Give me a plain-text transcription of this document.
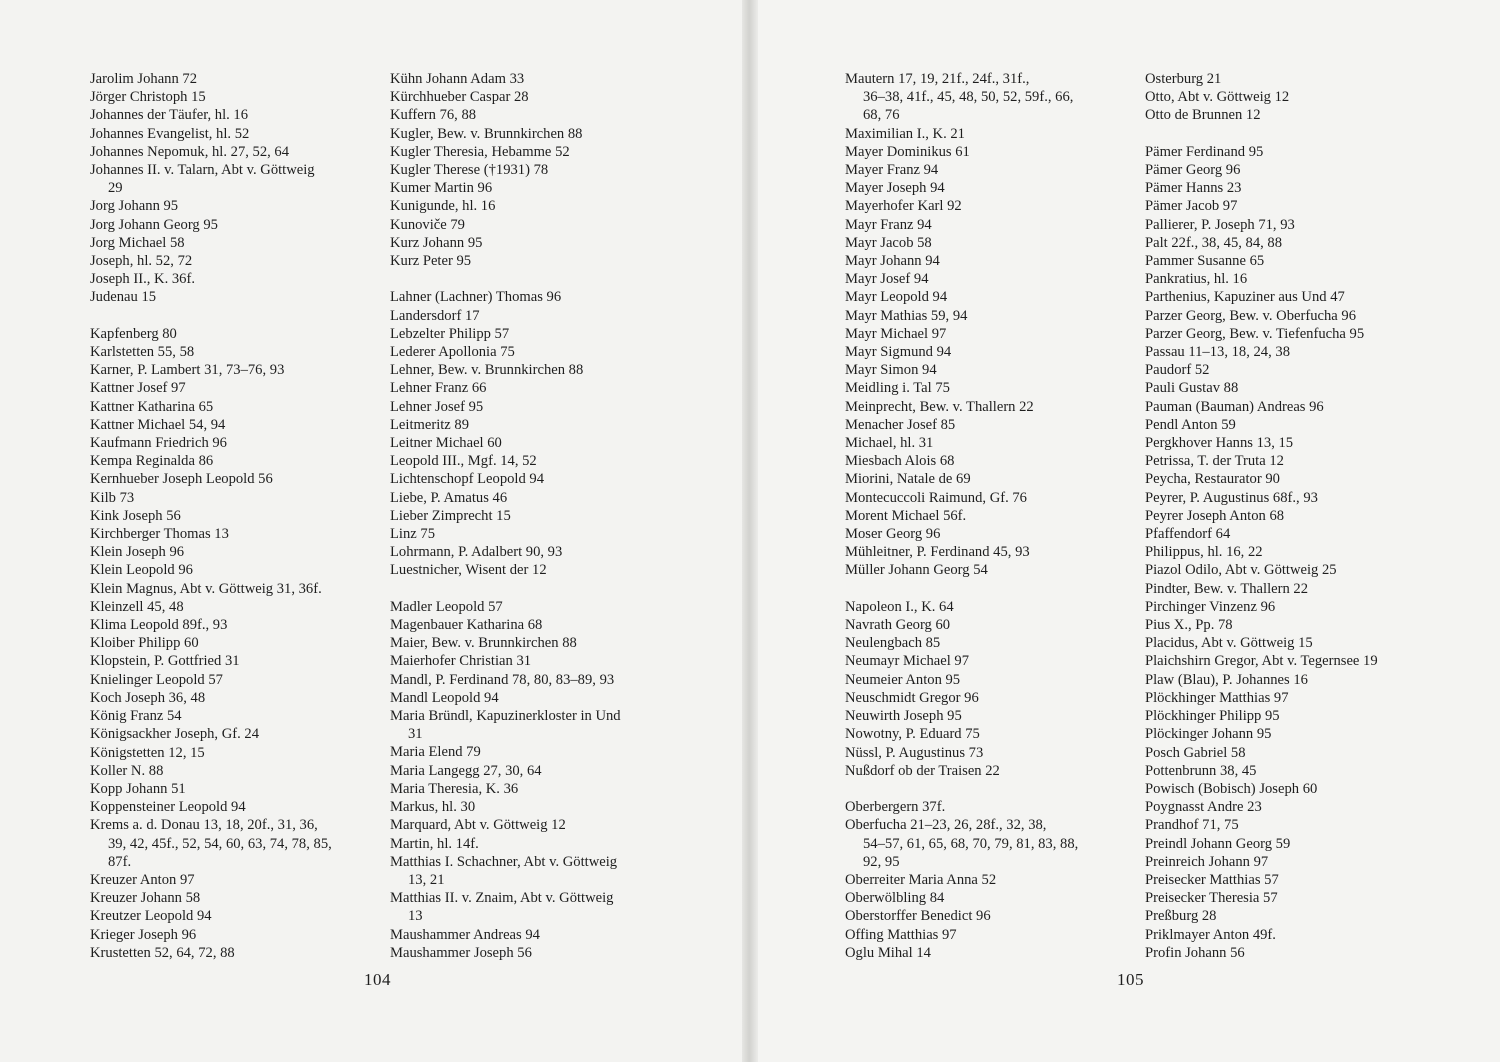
Jarolim Johann 72
Jörger Christoph 15
Johannes der Täufer, hl. 16
Johannes Evangelist, hl. 52
Johannes Nepomuk, hl. 27, 52, 64
Johannes II. v. Talarn, Abt v. Göttweig
29
Jorg Johann 95
Jorg Johann Georg 95
Jorg Michael 58
Joseph, hl. 52, 72
Joseph II., K. 36f.
Judenau 15
Kapfenberg 80
Karlstetten 55, 58
Karner, P. Lambert 31, 73–76, 93
Kattner Josef 97
Kattner Katharina 65
Kattner Michael 54, 94
Kaufmann Friedrich 96
Kempa Reginalda 86
Kernhueber Joseph Leopold 56
Kilb 73
Kink Joseph 56
Kirchberger Thomas 13
Klein Joseph 96
Klein Leopold 96
Klein Magnus, Abt v. Göttweig 31, 36f.
Kleinzell 45, 48
Klima Leopold 89f., 93
Kloiber Philipp 60
Klopstein, P. Gottfried 31
Knielinger Leopold 57
Koch Joseph 36, 48
König Franz 54
Königsackher Joseph, Gf. 24
Königstetten 12, 15
Koller N. 88
Kopp Johann 51
Koppensteiner Leopold 94
Krems a. d. Donau 13, 18, 20f., 31, 36,
39, 42, 45f., 52, 54, 60, 63, 74, 78, 85,
87f.
Kreuzer Anton 97
Kreuzer Johann 58
Kreutzer Leopold 94
Krieger Joseph 96
Krustetten 52, 64, 72, 88
Kühn Johann Adam 33
Kürchhueber Caspar 28
Kuffern 76, 88
Kugler, Bew. v. Brunnkirchen 88
Kugler Theresia, Hebamme 52
Kugler Therese (†1931) 78
Kumer Martin 96
Kunigunde, hl. 16
Kunoviče 79
Kurz Johann 95
Kurz Peter 95
Lahner (Lachner) Thomas 96
Landersdorf 17
Lebzelter Philipp 57
Lederer Apollonia 75
Lehner, Bew. v. Brunnkirchen 88
Lehner Franz 66
Lehner Josef 95
Leitmeritz 89
Leitner Michael 60
Leopold III., Mgf. 14, 52
Lichtenschopf Leopold 94
Liebe, P. Amatus 46
Lieber Zimprecht 15
Linz 75
Lohrmann, P. Adalbert 90, 93
Luestnicher, Wisent der 12
Madler Leopold 57
Magenbauer Katharina 68
Maier, Bew. v. Brunnkirchen 88
Maierhofer Christian 31
Mandl, P. Ferdinand 78, 80, 83–89, 93
Mandl Leopold 94
Maria Bründl, Kapuzinerkloster in Und
31
Maria Elend 79
Maria Langegg 27, 30, 64
Maria Theresia, K. 36
Markus, hl. 30
Marquard, Abt v. Göttweig 12
Martin, hl. 14f.
Matthias I. Schachner, Abt v. Göttweig
13, 21
Matthias II. v. Znaim, Abt v. Göttweig
13
Maushammer Andreas 94
Maushammer Joseph 56
104
Mautern 17, 19, 21f., 24f., 31f.,
36–38, 41f., 45, 48, 50, 52, 59f., 66,
68, 76
Maximilian I., K. 21
Mayer Dominikus 61
Mayer Franz 94
Mayer Joseph 94
Mayerhofer Karl 92
Mayr Franz 94
Mayr Jacob 58
Mayr Johann 94
Mayr Josef 94
Mayr Leopold 94
Mayr Mathias 59, 94
Mayr Michael 97
Mayr Sigmund 94
Mayr Simon 94
Meidling i. Tal 75
Meinprecht, Bew. v. Thallern 22
Menacher Josef 85
Michael, hl. 31
Miesbach Alois 68
Miorini, Natale de 69
Montecuccoli Raimund, Gf. 76
Morent Michael 56f.
Moser Georg 96
Mühleitner, P. Ferdinand 45, 93
Müller Johann Georg 54
Napoleon I., K. 64
Navrath Georg 60
Neulengbach 85
Neumayr Michael 97
Neumeier Anton 95
Neuschmidt Gregor 96
Neuwirth Joseph 95
Nowotny, P. Eduard 75
Nüssl, P. Augustinus 73
Nußdorf ob der Traisen 22
Oberbergern 37f.
Oberfucha 21–23, 26, 28f., 32, 38,
54–57, 61, 65, 68, 70, 79, 81, 83, 88,
92, 95
Oberreiter Maria Anna 52
Oberwölbling 84
Oberstorffer Benedict 96
Offing Matthias 97
Oglu Mihal 14
Osterburg 21
Otto, Abt v. Göttweig 12
Otto de Brunnen 12
Pämer Ferdinand 95
Pämer Georg 96
Pämer Hanns 23
Pämer Jacob 97
Pallierer, P. Joseph 71, 93
Palt 22f., 38, 45, 84, 88
Pammer Susanne 65
Pankratius, hl. 16
Parthenius, Kapuziner aus Und 47
Parzer Georg, Bew. v. Oberfucha 96
Parzer Georg, Bew. v. Tiefenfucha 95
Passau 11–13, 18, 24, 38
Paudorf 52
Pauli Gustav 88
Pauman (Bauman) Andreas 96
Pendl Anton 59
Pergkhover Hanns 13, 15
Petrissa, T. der Truta 12
Peycha, Restaurator 90
Peyrer, P. Augustinus 68f., 93
Peyrer Joseph Anton 68
Pfaffendorf 64
Philippus, hl. 16, 22
Piazol Odilo, Abt v. Göttweig 25
Pindter, Bew. v. Thallern 22
Pirchinger Vinzenz 96
Pius X., Pp. 78
Placidus, Abt v. Göttweig 15
Plaichshirn Gregor, Abt v. Tegernsee 19
Plaw (Blau), P. Johannes 16
Plöckhinger Matthias 97
Plöckhinger Philipp 95
Plöckinger Johann 95
Posch Gabriel 58
Pottenbrunn 38, 45
Powisch (Bobisch) Joseph 60
Poygnasst Andre 23
Prandhof 71, 75
Preindl Johann Georg 59
Preinreich Johann 97
Preisecker Matthias 57
Preisecker Theresia 57
Preßburg 28
Priklmayer Anton 49f.
Profin Johann 56
105
